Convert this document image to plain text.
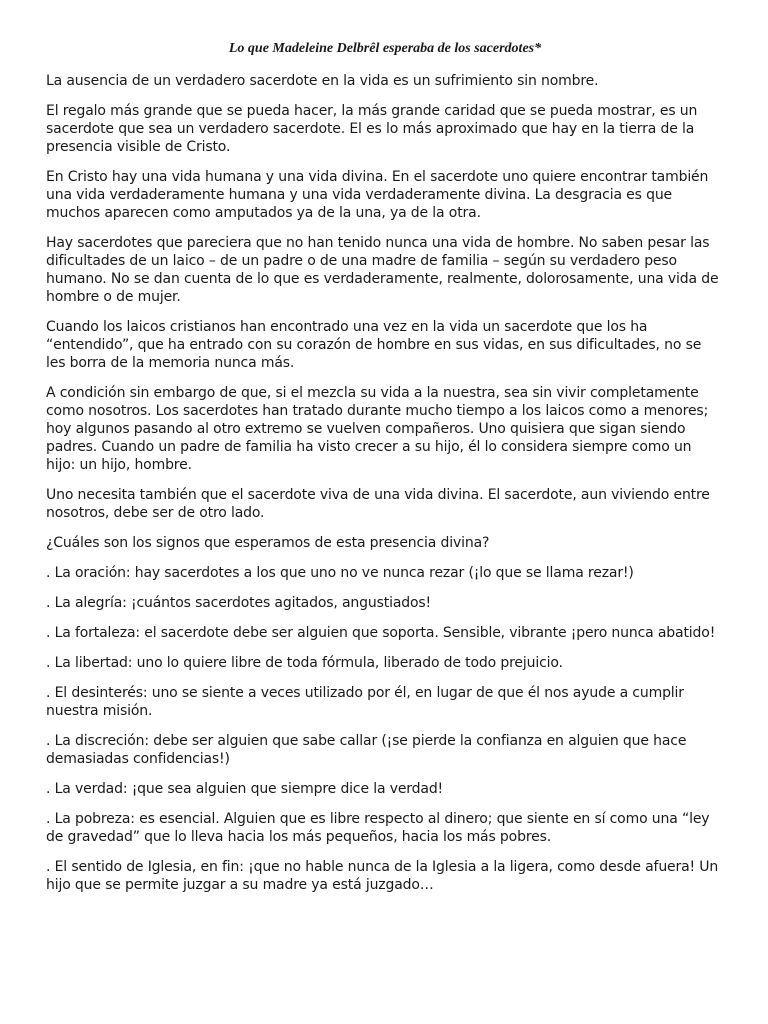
Lo que Madeleine Delbrêl esperaba de los sacerdotes*

La ausencia de un verdadero sacerdote en la vida es un sufrimiento sin nombre.

El regalo más grande que se pueda hacer, la más grande caridad que se pueda mostrar, es un sacerdote que sea un verdadero sacerdote. El es lo más aproximado que hay en la tierra de la presencia visible de Cristo.

En Cristo hay una vida humana y una vida divina. En el sacerdote uno quiere encontrar también una vida verdaderamente humana y una vida verdaderamente divina. La desgracia es que muchos aparecen como amputados ya de la una, ya de la otra.

Hay sacerdotes que pareciera que no han tenido nunca una vida de hombre. No saben pesar las dificultades de un laico – de un padre o de una madre de familia – según su verdadero peso humano. No se dan cuenta de lo que es verdaderamente, realmente, dolorosamente, una vida de hombre o de mujer.

Cuando los laicos cristianos han encontrado una vez en la vida un sacerdote que los ha “entendido”, que ha entrado con su corazón de hombre en sus vidas, en sus dificultades, no se les borra de la memoria nunca más.

A condición sin embargo de que, si el mezcla su vida a la nuestra, sea sin vivir completamente como nosotros. Los sacerdotes han tratado durante mucho tiempo a los laicos como a menores; hoy algunos pasando al otro extremo se vuelven compañeros. Uno quisiera que sigan siendo padres. Cuando un padre de familia ha visto crecer a su hijo, él lo considera siempre como un hijo: un hijo, hombre.

Uno necesita también que el sacerdote viva de una vida divina. El sacerdote, aun viviendo entre  nosotros, debe ser de otro lado.

¿Cuáles son los signos que esperamos de esta presencia divina?

. La oración: hay sacerdotes a los que uno no ve nunca rezar (¡lo que se llama rezar!)

. La alegría: ¡cuántos sacerdotes agitados, angustiados!

. La fortaleza: el sacerdote debe ser alguien que soporta. Sensible, vibrante ¡pero nunca abatido!

. La libertad: uno lo quiere libre de toda fórmula, liberado de todo prejuicio.

. El desinterés: uno se siente a veces utilizado por él, en lugar de que él nos ayude a cumplir nuestra misión.

. La discreción: debe ser alguien que sabe callar (¡se pierde la confianza en alguien que hace demasiadas confidencias!)

. La verdad: ¡que sea alguien que siempre dice la verdad!

. La pobreza: es esencial. Alguien que es libre respecto al dinero; que siente en sí como una “ley de gravedad” que lo lleva hacia los más pequeños, hacia los más pobres.

. El sentido de Iglesia, en fin: ¡que no hable nunca de la Iglesia a la ligera, como desde afuera! Un hijo que se permite juzgar a su madre ya está juzgado…
